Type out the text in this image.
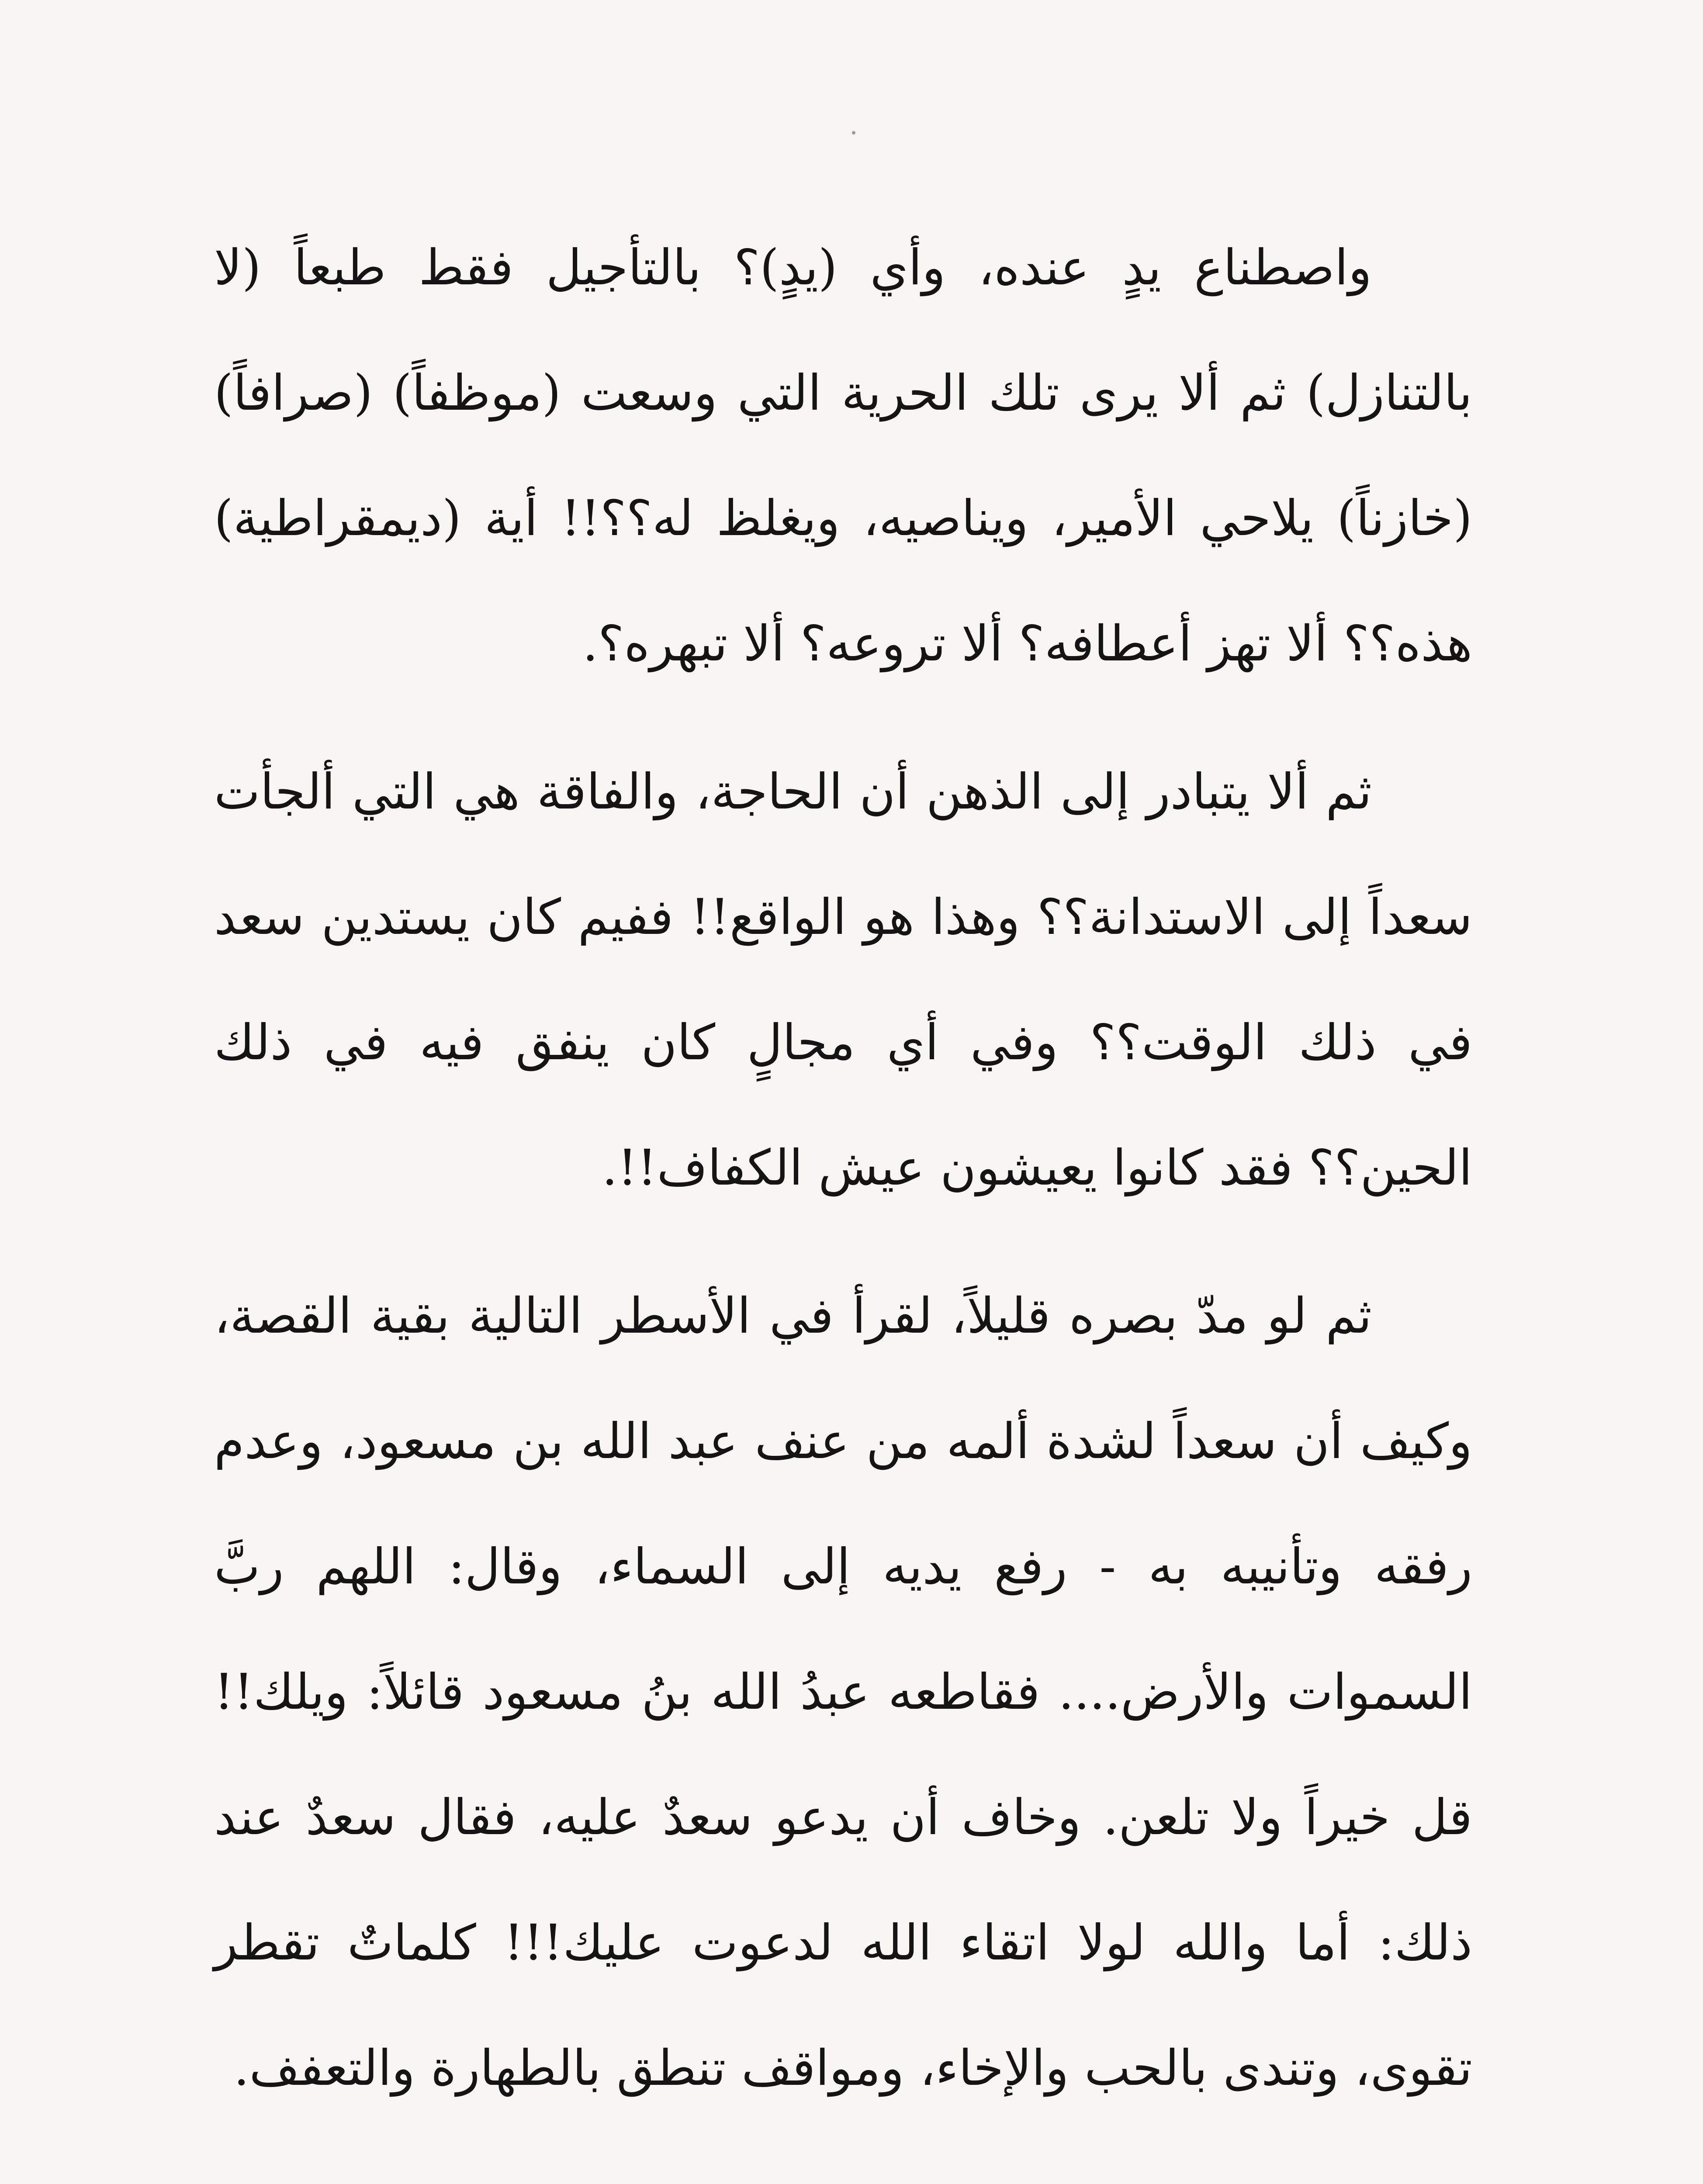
واصطناع يدٍ عنده، وأي (يدٍ)؟ بالتأجيل فقط طبعاً (لا بالتنازل) ثم ألا يرى تلك الحرية التي وسعت (موظفاً) (صرافاً) (خازناً) يلاحي الأمير، ويناصيه، ويغلظ له؟؟!! أية (ديمقراطية) هذه؟؟ ألا تهز أعطافه؟ ألا تروعه؟ ألا تبهره؟.

ثم ألا يتبادر إلى الذهن أن الحاجة، والفاقة هي التي ألجأت سعداً إلى الاستدانة؟؟ وهذا هو الواقع!! ففيم كان يستدين سعد في ذلك الوقت؟؟ وفي أي مجالٍ كان ينفق فيه في ذلك الحين؟؟ فقد كانوا يعيشون عيش الكفاف!!.

ثم لو مدّ بصره قليلاً، لقرأ في الأسطر التالية بقية القصة، وكيف أن سعداً لشدة ألمه من عنف عبد الله بن مسعود، وعدم رفقه وتأنيبه به - رفع يديه إلى السماء، وقال: اللهم ربَّ السموات والأرض.... فقاطعه عبدُ الله بنُ مسعود قائلاً: ويلك!! قل خيراً ولا تلعن. وخاف أن يدعو سعدٌ عليه، فقال سعدٌ عند ذلك: أما والله لولا اتقاء الله لدعوت عليك!!! كلماتٌ تقطر تقوى، وتندى بالحب والإخاء، ومواقف تنطق بالطهارة والتعفف.
